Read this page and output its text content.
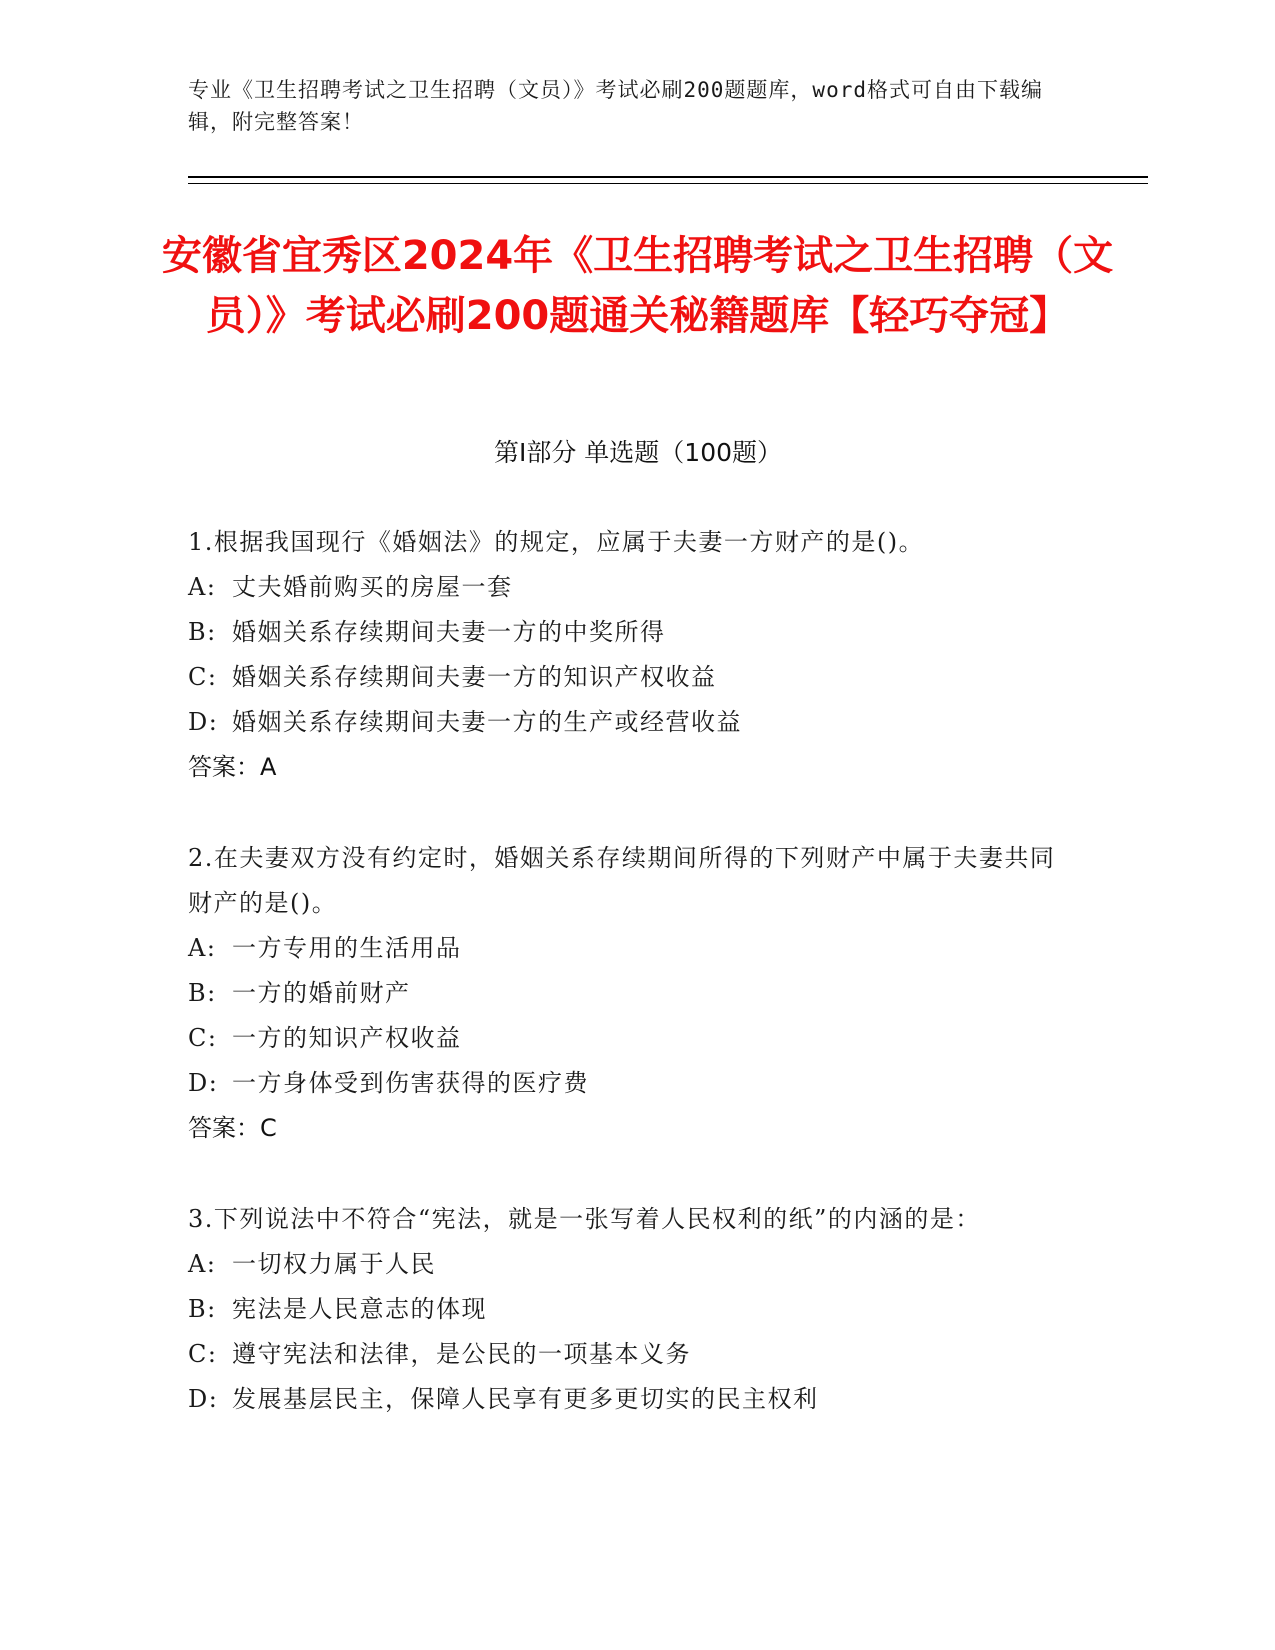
专业《卫生招聘考试之卫生招聘（文员）》考试必刷200题题库，word格式可自由下载编辑，附完整答案！
安徽省宜秀区2024年《卫生招聘考试之卫生招聘（文员）》考试必刷200题通关秘籍题库【轻巧夺冠】
第Ⅰ部分 单选题（100题）
1.根据我国现行《婚姻法》的规定，应属于夫妻一方财产的是()。
A: 丈夫婚前购买的房屋一套
B: 婚姻关系存续期间夫妻一方的中奖所得
C: 婚姻关系存续期间夫妻一方的知识产权收益
D: 婚姻关系存续期间夫妻一方的生产或经营收益
答案：A
2.在夫妻双方没有约定时，婚姻关系存续期间所得的下列财产中属于夫妻共同财产的是()。
A: 一方专用的生活用品
B: 一方的婚前财产
C: 一方的知识产权收益
D: 一方身体受到伤害获得的医疗费
答案：C
3.下列说法中不符合“宪法，就是一张写着人民权利的纸”的内涵的是：
A: 一切权力属于人民
B: 宪法是人民意志的体现
C: 遵守宪法和法律，是公民的一项基本义务
D: 发展基层民主，保障人民享有更多更切实的民主权利
